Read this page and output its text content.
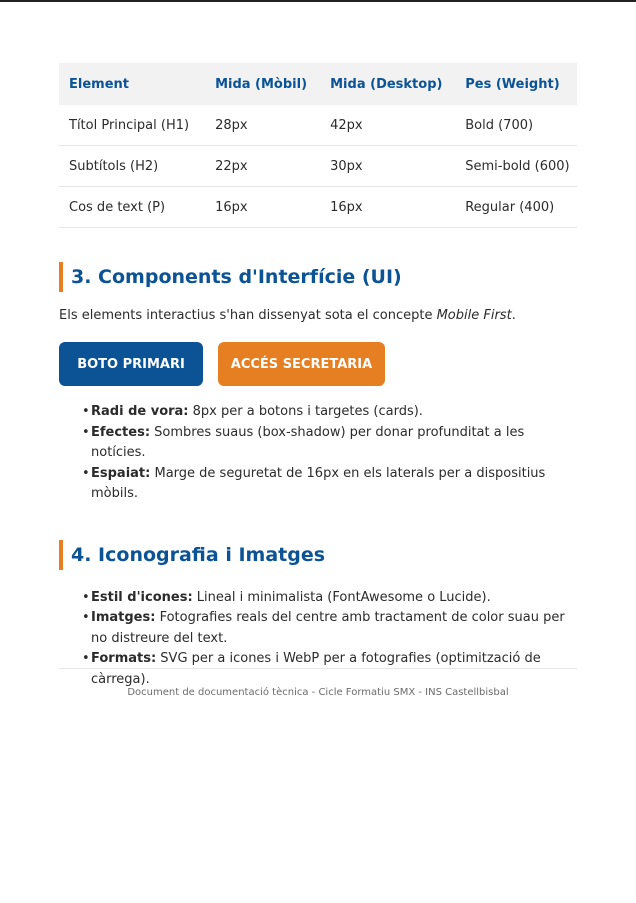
Element	Mida (Mòbil)	Mida (Desktop)	Pes (Weight)
Títol Principal (H1)	28px	42px	Bold (700)
Subtítols (H2)	22px	30px	Semi-bold (600)
Cos de text (P)	16px	16px	Regular (400)
3. Components d'Interfície (UI)

Els elements interactius s'han dissenyat sota el concepte Mobile First.

BOTO PRIMARI	ACCÉS SECRETARIA
• Radi de vora: 8px per a botons i targetes (cards).
• Efectes: Sombres suaus (box-shadow) per donar profunditat a les notícies.
• Espaiat: Marge de seguretat de 16px en els laterals per a dispositius mòbils.
4. Iconografia i Imatges
• Estil d'icones: Lineal i minimalista (FontAwesome o Lucide).
• Imatges: Fotografies reals del centre amb tractament de color suau per no distreure del text.
• Formats: SVG per a icones i WebP per a fotografies (optimització de càrrega).
Document de documentació tècnica - Cicle Formatiu SMX - INS Castellbisbal
